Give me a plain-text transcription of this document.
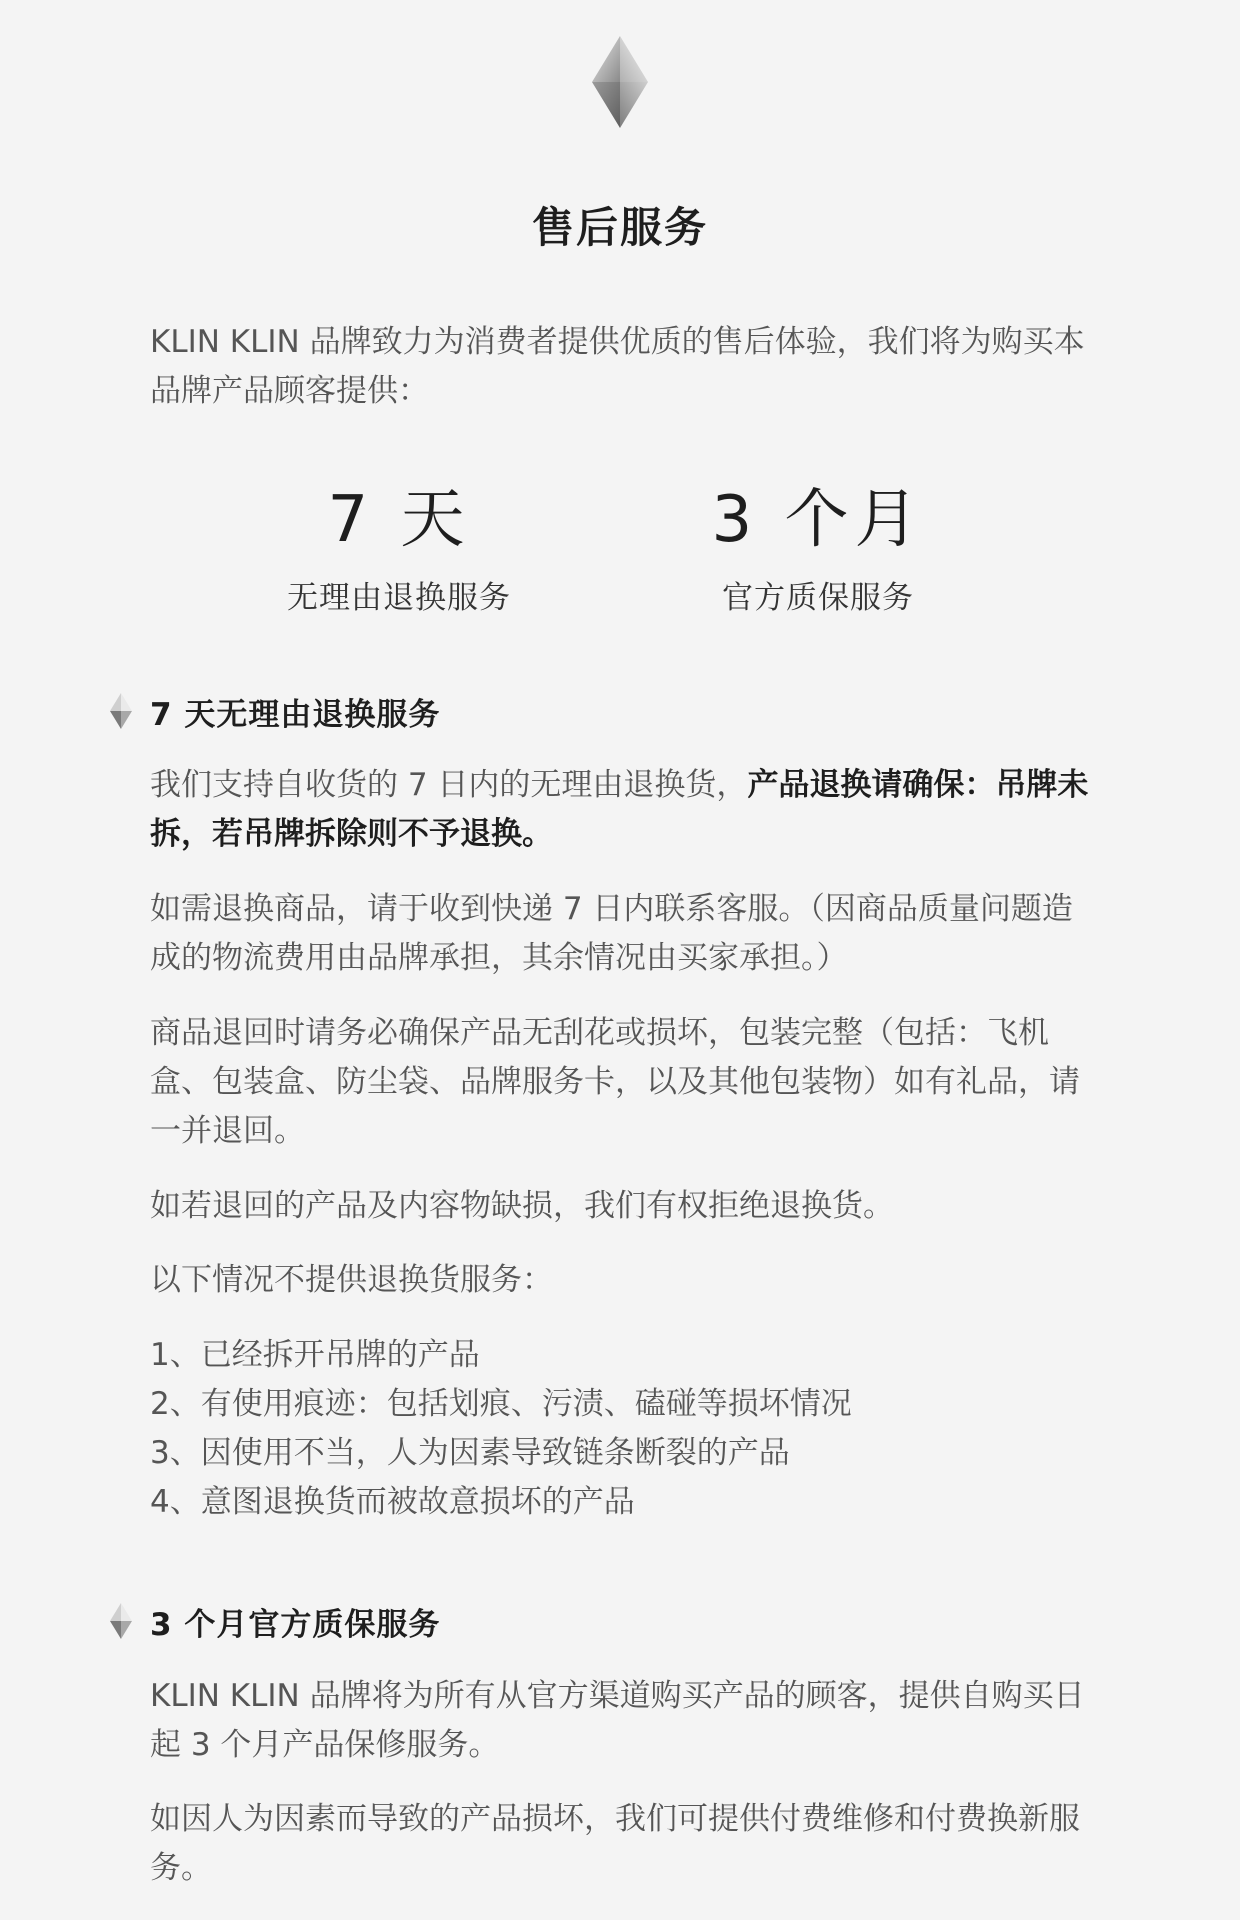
售后服务

KLIN KLIN 品牌致力为消费者提供优质的售后体验，我们将为购买本品牌产品顾客提供：

7 天
无理由退换服务
3 个月
官方质保服务
7 天无理由退换服务

我们支持自收货的 7 日内的无理由退换货，产品退换请确保：吊牌未拆，若吊牌拆除则不予退换。

如需退换商品，请于收到快递 7 日内联系客服。（因商品质量问题造成的物流费用由品牌承担，其余情况由买家承担。）

商品退回时请务必确保产品无刮花或损坏，包装完整（包括：飞机盒、包装盒、防尘袋、品牌服务卡，以及其他包装物）如有礼品，请一并退回。

如若退回的产品及内容物缺损，我们有权拒绝退换货。

以下情况不提供退换货服务：

1、已经拆开吊牌的产品
2、有使用痕迹：包括划痕、污渍、磕碰等损坏情况
3、因使用不当，人为因素导致链条断裂的产品
4、意图退换货而被故意损坏的产品
3 个月官方质保服务

KLIN KLIN 品牌将为所有从官方渠道购买产品的顾客，提供自购买日起 3 个月产品保修服务。

如因人为因素而导致的产品损坏，我们可提供付费维修和付费换新服务。
